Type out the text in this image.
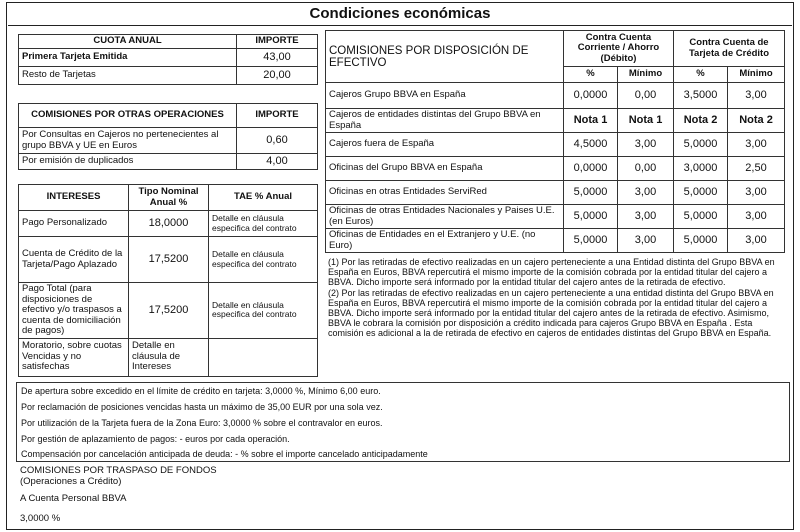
Condiciones económicas
CUOTA ANUAL	IMPORTE
Primera Tarjeta Emitida	43,00
Resto de Tarjetas	20,00
COMISIONES POR OTRAS OPERACIONES	IMPORTE
Por Consultas en Cajeros no pertenecientes al grupo BBVA y UE en Euros	0,60
Por emisión de duplicados	4,00
INTERESES	Tipo Nominal Anual %	TAE % Anual
Pago Personalizado	18,0000	Detalle en cláusula especifica del contrato
Cuenta de Crédito de la Tarjeta/Pago Aplazado	17,5200	Detalle en cláusula especifica del contrato
Pago Total (para disposiciones de efectivo y/o traspasos a cuenta de domiciliación de pagos)	17,5200	Detalle en cláusula especifica del contrato
Moratorio, sobre cuotas Vencidas y no satisfechas	Detalle en cláusula de Intereses	
COMISIONES POR DISPOSICIÓN DE EFECTIVO	Contra Cuenta Corriente / Ahorro (Débito)		Contra Cuenta de Tarjeta de Crédito	
	%	Mínimo	%	Mínimo
Cajeros Grupo BBVA en España	0,0000	0,00	3,5000	3,00
Cajeros de entidades distintas del Grupo BBVA en España	Nota 1	Nota 1	Nota 2	Nota 2
Cajeros fuera de España	4,5000	3,00	5,0000	3,00
Oficinas del Grupo BBVA en España	0,0000	0,00	3,0000	2,50
Oficinas en otras Entidades ServiRed	5,0000	3,00	5,0000	3,00
Oficinas de otras Entidades Nacionales y Paises U.E. (en Euros)	5,0000	3,00	5,0000	3,00
Oficinas de Entidades en el Extranjero y U.E. (no Euro)	5,0000	3,00	5,0000	3,00

(1) Por las retiradas de efectivo realizadas en un cajero perteneciente a una Entidad distinta del Grupo BBVA en España en Euros, BBVA repercutirá el mismo importe de la comisión cobrada por la entidad titular del cajero a BBVA. Dicho importe será informado por la entidad titular del cajero antes de la retirada de efectivo.

(2) Por las retiradas de efectivo realizadas en un cajero perteneciente a una entidad distinta del Grupo BBVA en España en Euros, BBVA repercutirá el mismo importe de la comisión cobrada por la entidad titular del cajero a BBVA. Dicho importe será informado por la entidad titular del cajero antes de la retirada de efectivo. Asimismo, BBVA le cobrara la comisión por disposición a crédito indicada para cajeros Grupo BBVA en España . Esta comisión es adicional a la de retirada de efectivo en cajeros de entidades distintas del Grupo BBVA en España.

De apertura sobre excedido en el límite de crédito en tarjeta: 3,0000 %, Mínimo 6,00 euro.
Por reclamación de posiciones vencidas hasta un máximo de 35,00 EUR por una sola vez.
Por utilización de la Tarjeta fuera de la Zona Euro: 3,0000 % sobre el contravalor en euros.
Por gestión de aplazamiento de pagos: - euros por cada operación.
Compensación por cancelación anticipada de deuda: - % sobre el importe cancelado anticipadamente
COMISIONES POR TRASPASO DE FONDOS
(Operaciones a Crédito)
A Cuenta Personal BBVA
3,0000 %
